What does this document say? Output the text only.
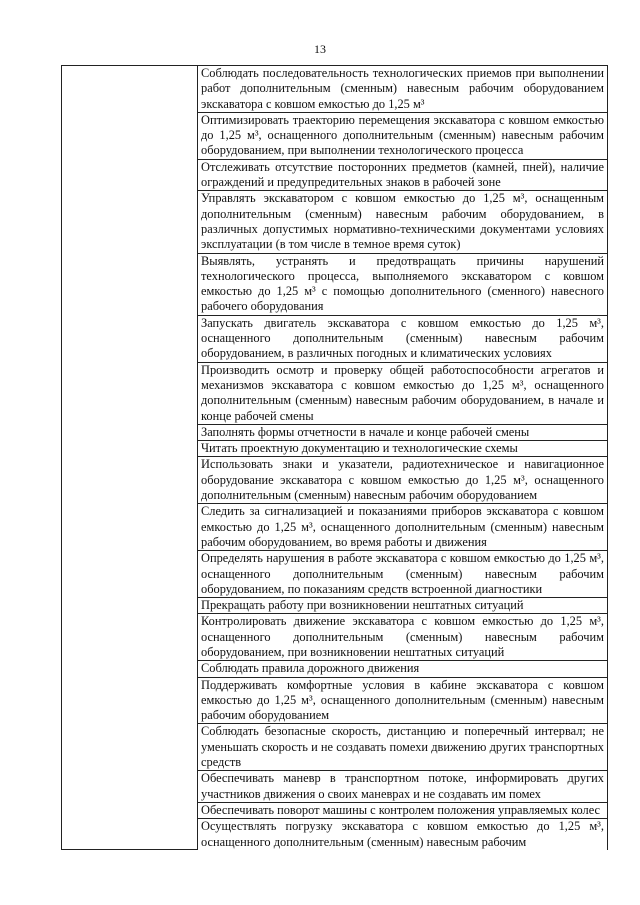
13
	Соблюдать последовательность технологических приемов при выполнении работ дополнительным (сменным) навесным рабочим оборудованием экскаватора с ковшом емкостью до 1,25 м³
Оптимизировать траекторию перемещения экскаватора с ковшом емкостью до 1,25 м³, оснащенного дополнительным (сменным) навесным рабочим оборудованием, при выполнении технологического процесса
Отслеживать отсутствие посторонних предметов (камней, пней), наличие ограждений и предупредительных знаков в рабочей зоне
Управлять экскаватором с ковшом емкостью до 1,25 м³, оснащенным дополнительным (сменным) навесным рабочим оборудованием, в различных допустимых нормативно-техническими документами условиях эксплуатации (в том числе в темное время суток)
Выявлять, устранять и предотвращать причины нарушений технологического процесса, выполняемого экскаватором с ковшом емкостью до 1,25 м³ с помощью дополнительного (сменного) навесного рабочего оборудования
Запускать двигатель экскаватора с ковшом емкостью до 1,25 м³, оснащенного дополнительным (сменным) навесным рабочим оборудованием, в различных погодных и климатических условиях
Производить осмотр и проверку общей работоспособности агрегатов и механизмов экскаватора с ковшом емкостью до 1,25 м³, оснащенного дополнительным (сменным) навесным рабочим оборудованием, в начале и конце рабочей смены
Заполнять формы отчетности в начале и конце рабочей смены
Читать проектную документацию и технологические схемы
Использовать знаки и указатели, радиотехническое и навигационное оборудование экскаватора с ковшом емкостью до 1,25 м³, оснащенного дополнительным (сменным) навесным рабочим оборудованием
Следить за сигнализацией и показаниями приборов экскаватора с ковшом емкостью до 1,25 м³, оснащенного дополнительным (сменным) навесным рабочим оборудованием, во время работы и движения
Определять нарушения в работе экскаватора с ковшом емкостью до 1,25 м³, оснащенного дополнительным (сменным) навесным рабочим оборудованием, по показаниям средств встроенной диагностики
Прекращать работу при возникновении нештатных ситуаций
Контролировать движение экскаватора с ковшом емкостью до 1,25 м³, оснащенного дополнительным (сменным) навесным рабочим оборудованием, при возникновении нештатных ситуаций
Соблюдать правила дорожного движения
Поддерживать комфортные условия в кабине экскаватора с ковшом емкостью до 1,25 м³, оснащенного дополнительным (сменным) навесным рабочим оборудованием
Соблюдать безопасные скорость, дистанцию и поперечный интервал; не уменьшать скорость и не создавать помехи движению других транспортных средств
Обеспечивать маневр в транспортном потоке, информировать других участников движения о своих маневрах и не создавать им помех
Обеспечивать поворот машины с контролем положения управляемых колес
Осуществлять погрузку экскаватора с ковшом емкостью до 1,25 м³, оснащенного дополнительным (сменным) навесным рабочим
